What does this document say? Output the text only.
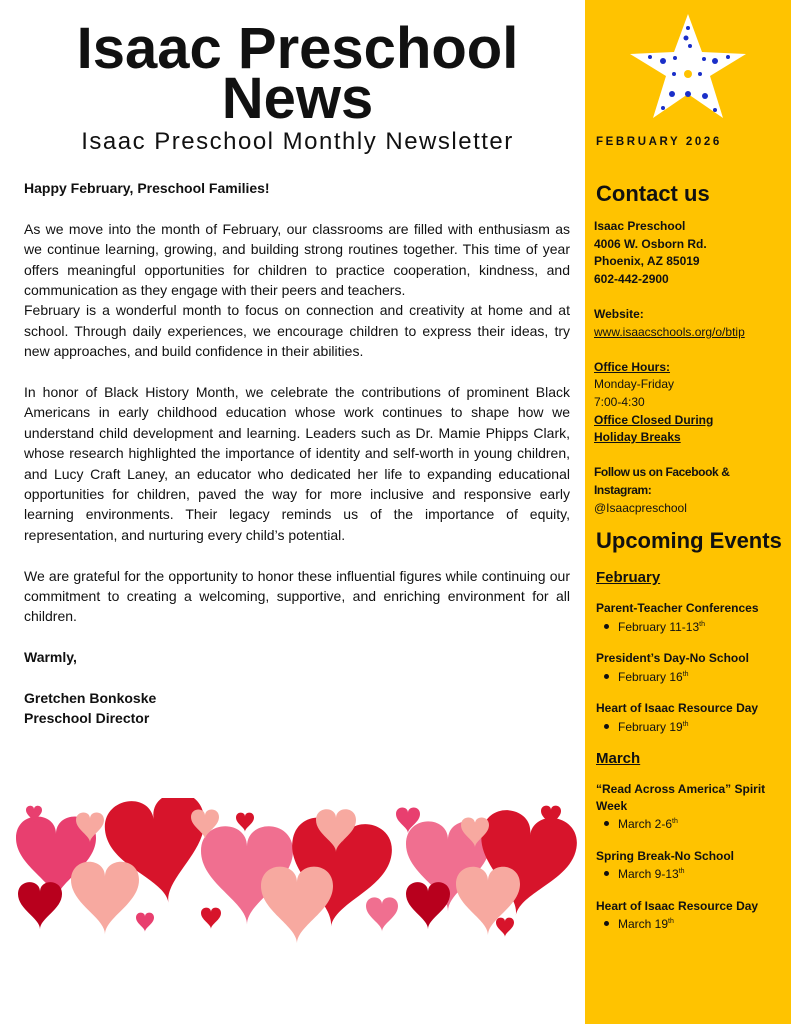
Isaac Preschool
News
Isaac Preschool Monthly Newsletter

Happy February, Preschool Families!

As we move into the month of February, our classrooms are filled with enthusiasm as we continue learning, growing, and building strong routines together. This time of year offers meaningful opportunities for children to practice cooperation, kindness, and communication as they engage with their peers and teachers.

February is a wonderful month to focus on connection and creativity at home and at school. Through daily experiences, we encourage children to express their ideas, try new approaches, and build confidence in their abilities.

In honor of Black History Month, we celebrate the contributions of prominent Black Americans in early childhood education whose work continues to shape how we understand child development and learning. Leaders such as Dr. Mamie Phipps Clark, whose research highlighted the importance of identity and self-worth in young children, and Lucy Craft Laney, an educator who dedicated her life to expanding educational opportunities for children, paved the way for more inclusive and responsive early learning environments. Their legacy reminds us of the importance of equity, representation, and nurturing every child’s potential.

We are grateful for the opportunity to honor these influential figures while continuing our commitment to creating a welcoming, supportive, and enriching environment for all children.

Warmly,

Gretchen Bonkoske

Preschool Director

FEBRUARY 2026
Contact us
Isaac Preschool
4006 W. Osborn Rd.
Phoenix, AZ 85019
602-442-2900
Website:
www.isaacschools.org/o/btip
Office Hours:
Monday-Friday
7:00-4:30
Office Closed During
Holiday Breaks
Follow us on Facebook & Instagram:
@Isaacpreschool
Upcoming Events
February
Parent-Teacher Conferences
February 11-13th
President’s Day-No School
February 16th
Heart of Isaac Resource Day
February 19th
March
“Read Across America” Spirit Week
March 2-6th
Spring Break-No School
March 9-13th
Heart of Isaac Resource Day
March 19th
